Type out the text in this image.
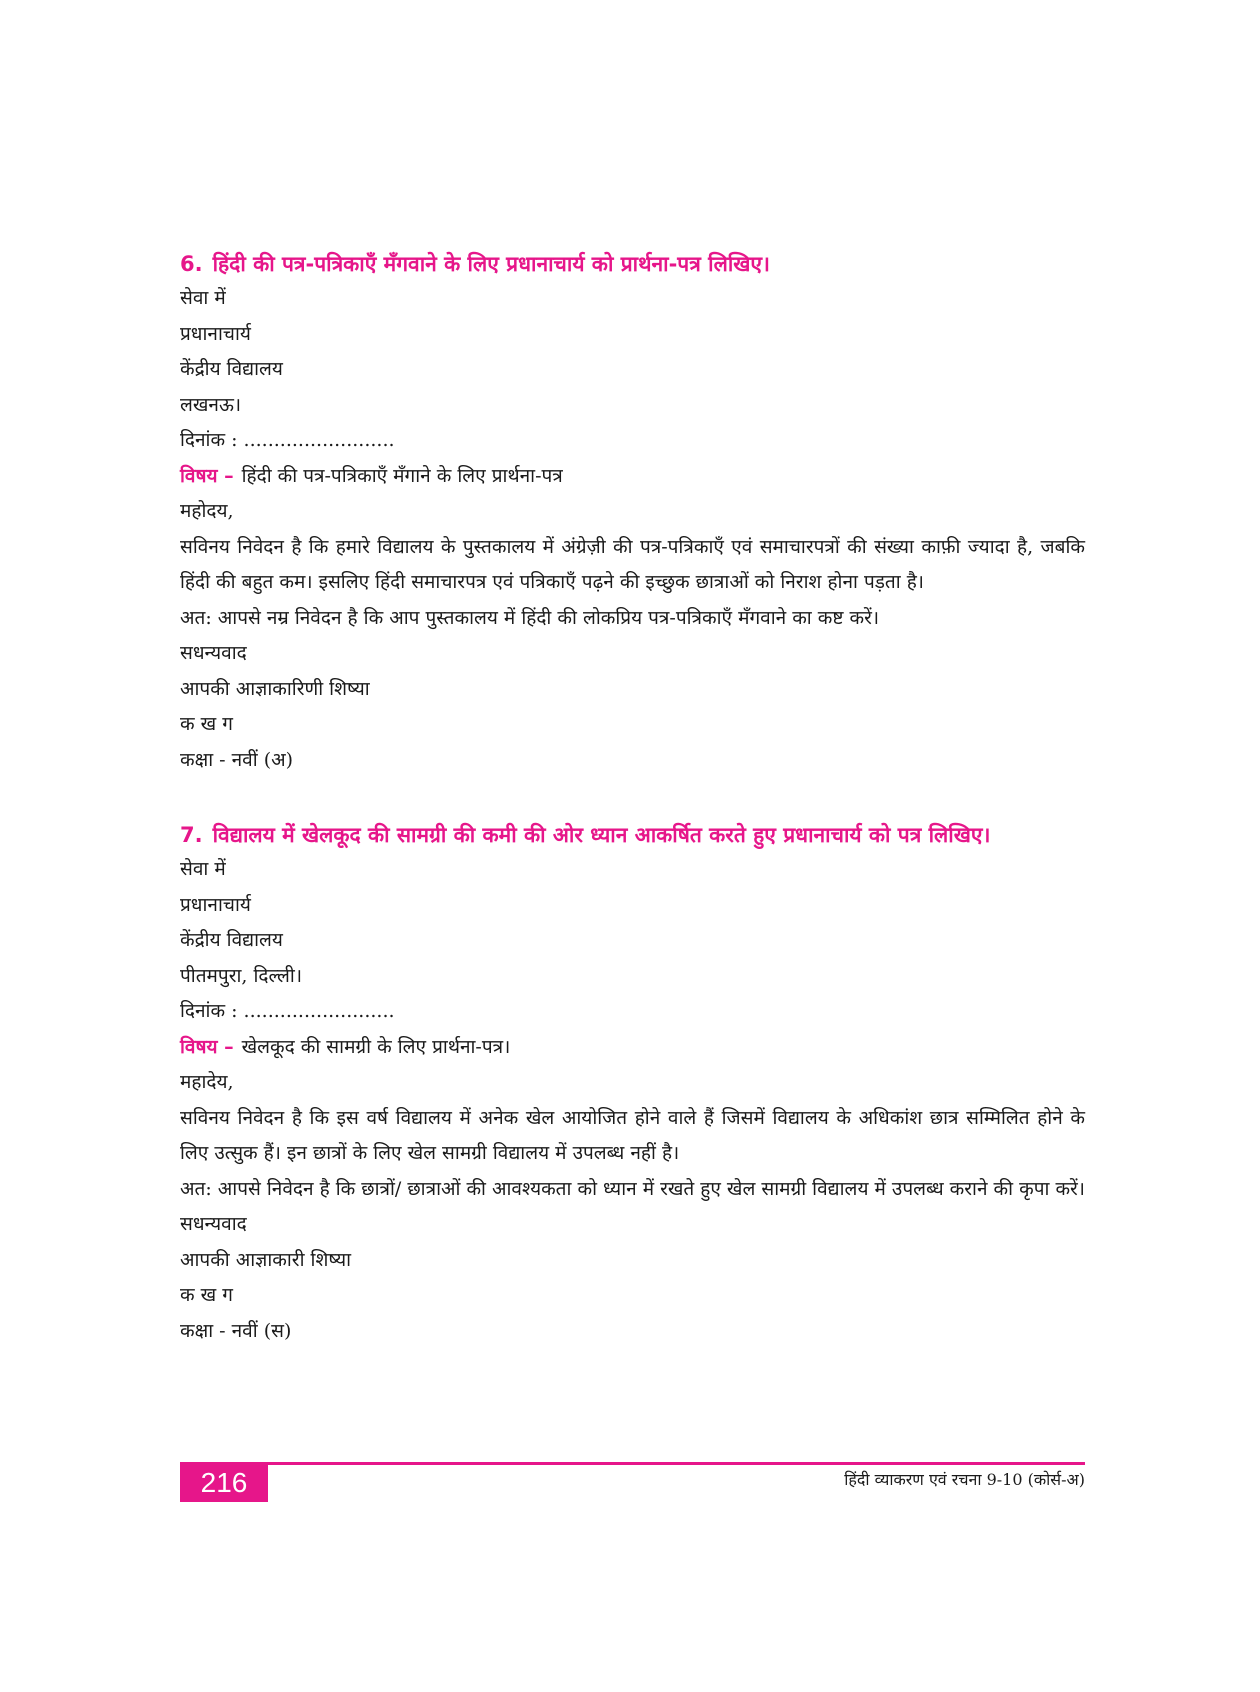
6. हिंदी की पत्र-पत्रिकाएँ मँगवाने के लिए प्रधानाचार्य को प्रार्थना-पत्र लिखिए।

सेवा में

प्रधानाचार्य

केंद्रीय विद्यालय

लखनऊ।

दिनांक : .........................

विषय – हिंदी की पत्र-पत्रिकाएँ मँगाने के लिए प्रार्थना-पत्र

महोदय,

सविनय निवेदन है कि हमारे विद्यालय के पुस्तकालय में अंग्रेज़ी की पत्र-पत्रिकाएँ एवं समाचारपत्रों की संख्या काफ़ी ज्यादा है, जबकि हिंदी की बहुत कम। इसलिए हिंदी समाचारपत्र एवं पत्रिकाएँ पढ़ने की इच्छुक छात्राओं को निराश होना पड़ता है।

अत: आपसे नम्र निवेदन है कि आप पुस्तकालय में हिंदी की लोकप्रिय पत्र-पत्रिकाएँ मँगवाने का कष्ट करें।

सधन्यवाद

आपकी आज्ञाकारिणी शिष्या

क ख ग

कक्षा - नवीं (अ)

7. विद्यालय में खेलकूद की सामग्री की कमी की ओर ध्यान आकर्षित करते हुए प्रधानाचार्य को पत्र लिखिए।

सेवा में

प्रधानाचार्य

केंद्रीय विद्यालय

पीतमपुरा, दिल्ली।

दिनांक : .........................

विषय – खेलकूद की सामग्री के लिए प्रार्थना-पत्र।

महादेय,

सविनय निवेदन है कि इस वर्ष विद्यालय में अनेक खेल आयोजित होने वाले हैं जिसमें विद्यालय के अधिकांश छात्र सम्मिलित होने के लिए उत्सुक हैं। इन छात्रों के लिए खेल सामग्री विद्यालय में उपलब्ध नहीं है।

अत: आपसे निवेदन है कि छात्रों/ छात्राओं की आवश्यकता को ध्यान में रखते हुए खेल सामग्री विद्यालय में उपलब्ध कराने की कृपा करें।

सधन्यवाद

आपकी आज्ञाकारी शिष्या

क ख ग

कक्षा - नवीं (स)

216	हिंदी व्याकरण एवं रचना 9-10 (कोर्स-अ)
